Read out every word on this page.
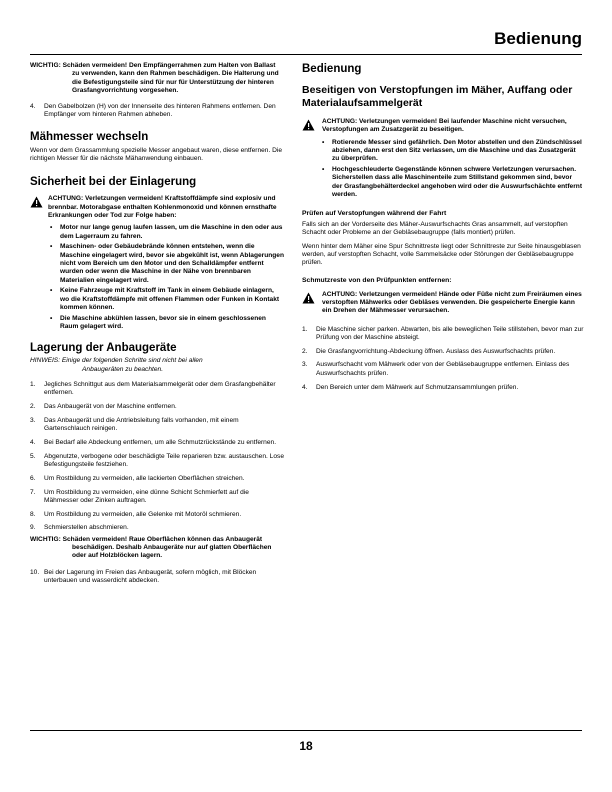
Bedienung
WICHTIG: Schäden vermeiden! Den Empfängerrahmen zum Halten von Ballast zu verwenden, kann den Rahmen beschädigen. Die Halterung und die Befestigungsteile sind für nur für Unterstützung der hinteren Grasfangvorrichtung vorgesehen.
4.	Den Gabelbolzen (H) von der Innenseite des hinteren Rahmens entfernen. Den Empfänger vom hinteren Rahmen abheben.
Mähmesser wechseln

Wenn vor dem Grassammlung spezielle Messer angebaut waren, diese entfernen. Die richtigen Messer für die nächste Mähanwendung einbauen.

Sicherheit bei der Einlagerung
ACHTUNG: Verletzungen vermeiden! Kraftstoffdämpfe sind explosiv und brennbar. Motorabgase enthalten Kohlenmonoxid und können ernsthafte Erkrankungen oder Tod zur Folge haben:
• Motor nur lange genug laufen lassen, um die Maschine in den oder aus dem Lagerraum zu fahren.
• Maschinen- oder Gebäudebrände können entstehen, wenn die Maschine eingelagert wird, bevor sie abgekühlt ist, wenn Ablagerungen nicht vom Bereich um den Motor und den Schalldämpfer entfernt wurden oder wenn die Maschine in der Nähe von brennbaren Materialien eingelagert wird.
• Keine Fahrzeuge mit Kraftstoff im Tank in einem Gebäude einlagern, wo die Kraftstoffdämpfe mit offenen Flammen oder Funken in Kontakt kommen können.
• Die Maschine abkühlen lassen, bevor sie in einem geschlossenen Raum gelagert wird.
Lagerung der Anbaugeräte
HINWEIS: Einige der folgenden Schritte sind nicht bei allen
Anbaugeräten zu beachten.
1.	Jegliches Schnittgut aus dem Materialsammelgerät oder dem Grasfangbehälter entfernen.
2.	Das Anbaugerät von der Maschine entfernen.
3.	Das Anbaugerät und die Antriebsleitung falls vorhanden, mit einem Gartenschlauch reinigen.
4.	Bei Bedarf alle Abdeckung entfernen, um alle Schmutzrückstände zu entfernen.
5.	Abgenutzte, verbogene oder beschädigte Teile reparieren bzw. austauschen. Lose Befestigungsteile festziehen.
6.	Um Rostbildung zu vermeiden, alle lackierten Oberflächen streichen.
7.	Um Rostbildung zu vermeiden, eine dünne Schicht Schmierfett auf die Mähmesser oder Zinken auftragen.
8.	Um Rostbildung zu vermeiden, alle Gelenke mit Motoröl schmieren.
9.	Schmierstellen abschmieren.
WICHTIG: Schäden vermeiden! Raue Oberflächen können das Anbaugerät beschädigen. Deshalb Anbaugeräte nur auf glatten Oberflächen oder auf Holzblöcken lagern.
10. Bei der Lagerung im Freien das Anbaugerät, sofern möglich, mit Blöcken unterbauen und wasserdicht abdecken.
Bedienung
Beseitigen von Verstopfungen im Mäher, Auffang oder Materialaufsammelgerät
ACHTUNG: Verletzungen vermeiden! Bei laufender Maschine nicht versuchen, Verstopfungen am Zusatzgerät zu beseitigen.
• Rotierende Messer sind gefährlich. Den Motor abstellen und den Zündschlüssel abziehen, dann erst den Sitz verlassen, um die Maschine und das Zusatzgerät zu überprüfen.
• Hochgeschleuderte Gegenstände können schwere Verletzungen verursachen. Sicherstellen dass alle Maschinenteile zum Stillstand gekommen sind, bevor der Grasfangbehälterdeckel angehoben wird oder die Auswurfschächte entfernt werden.
Prüfen auf Verstopfungen während der Fahrt

Falls sich an der Vorderseite des Mäher-Auswurfschachts Gras ansammelt, auf verstopften Schacht oder Probleme an der Gebläsebaugruppe (falls montiert) prüfen.

Wenn hinter dem Mäher eine Spur Schnittreste liegt oder Schnittreste zur Seite hinausgeblasen werden, auf verstopften Schacht, volle Sammelsäcke oder Störungen der Gebläsebaugruppe prüfen.

Schmutzreste von den Prüfpunkten entfernen:
ACHTUNG: Verletzungen vermeiden! Hände oder Füße nicht zum Freiräumen eines verstopften Mähwerks oder Gebläses verwenden. Die gespeicherte Energie kann ein Drehen der Mähmesser verursachen.
1.	Die Maschine sicher parken. Abwarten, bis alle beweglichen Teile stillstehen, bevor man zur Prüfung von der Maschine absteigt.
2.	Die Grasfangvorrichtung-Abdeckung öffnen. Auslass des Auswurfschachts prüfen.
3.	Auswurfschacht vom Mähwerk oder von der Gebläsebaugruppe entfernen. Einlass des Auswurfschachts prüfen.
4.	Den Bereich unter dem Mähwerk auf Schmutzansammlungen prüfen.
18
